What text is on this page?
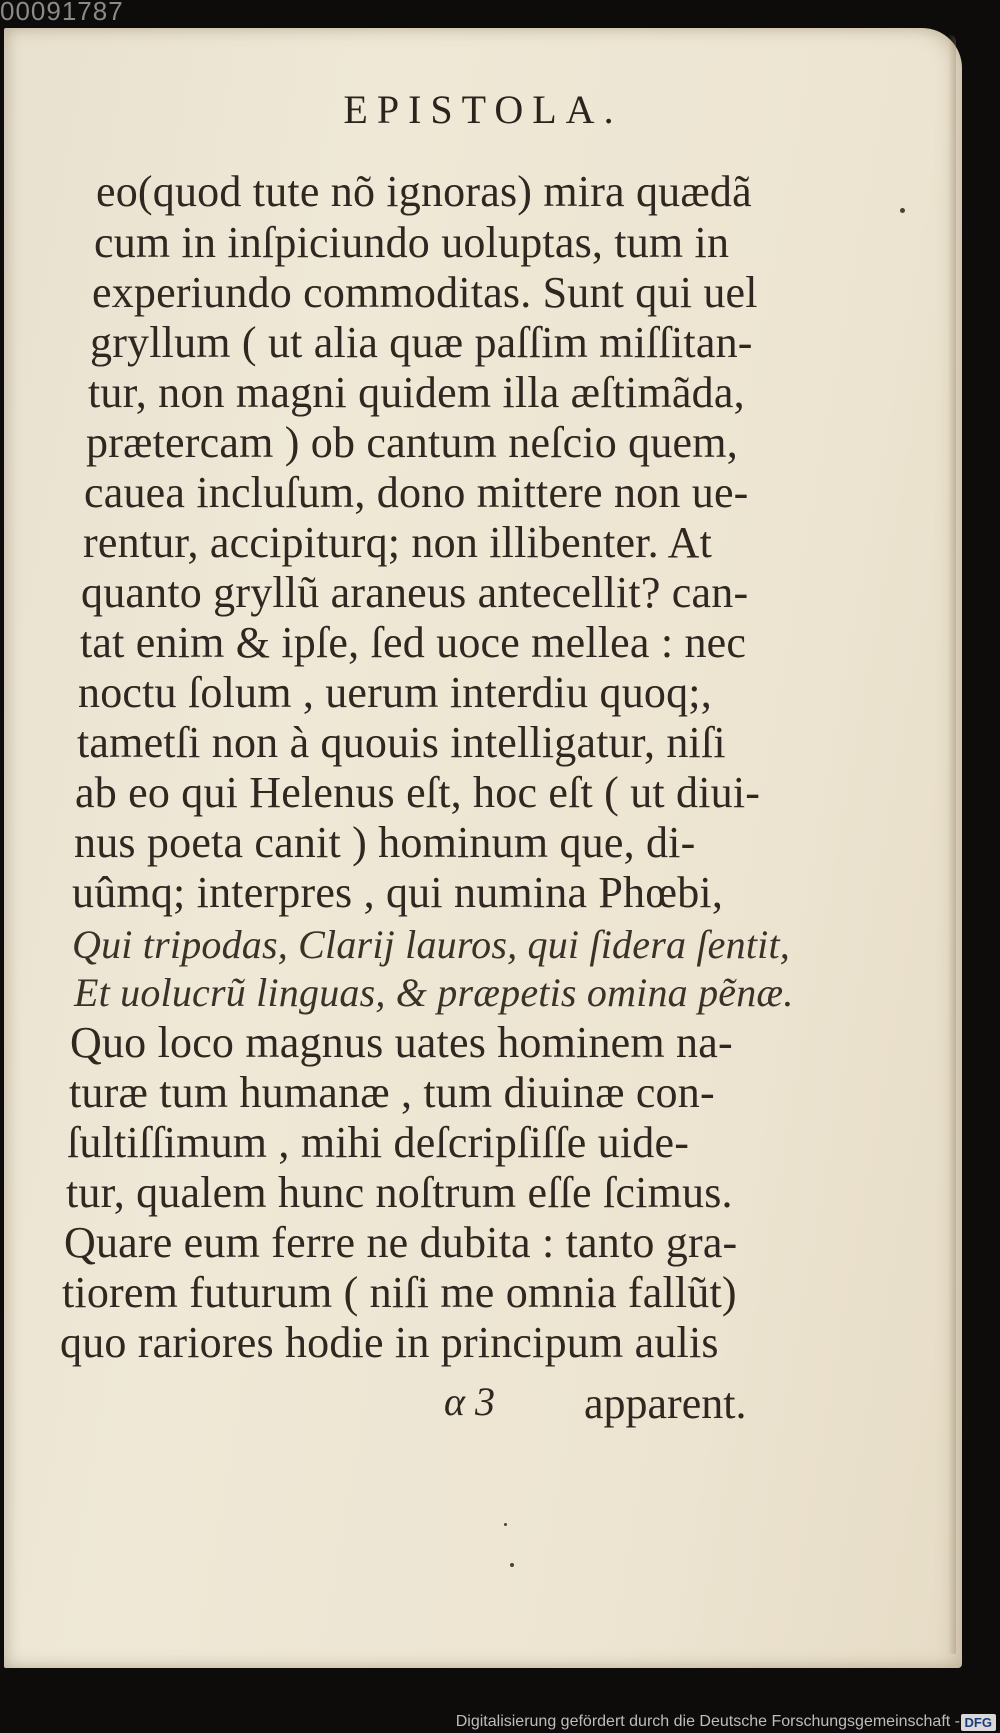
00091787
EPISTOLA.
eo(quod tute nõ ignoras) mira quædã
cum in inſpiciundo uoluptas, tum in
experiundo commoditas. Sunt qui uel
gryllum ( ut alia quæ paſſim miſſitan-
tur, non magni quidem illa æſtimãda,
prætercam ) ob cantum neſcio quem,
cauea incluſum, dono mittere non ue-
rentur, accipiturq; non illibenter. At
quanto gryllũ araneus antecellit? can-
tat enim & ipſe, ſed uoce mellea : nec
noctu ſolum , uerum interdiu quoq;,
tametſi non à quouis intelligatur, niſi
ab eo qui Helenus eſt, hoc eſt ( ut diui-
nus poeta canit ) hominum que, di-
uûmq; interpres , qui numina Phœbi,
Qui tripodas, Clarij lauros, qui ſidera ſentit,
Et uolucrũ linguas, & præpetis omina pẽnæ.
Quo loco magnus uates hominem na-
turæ tum humanæ , tum diuinæ con-
ſultiſſimum , mihi deſcripſiſſe uide-
tur, qualem hunc noſtrum eſſe ſcimus.
Quare eum ferre ne dubita : tanto gra-
tiorem futurum ( niſi me omnia fallũt)
quo rariores hodie in principum aulis
α 3 apparent.
Digitalisierung gefördert durch die Deutsche Forschungsgemeinschaft - DFG
